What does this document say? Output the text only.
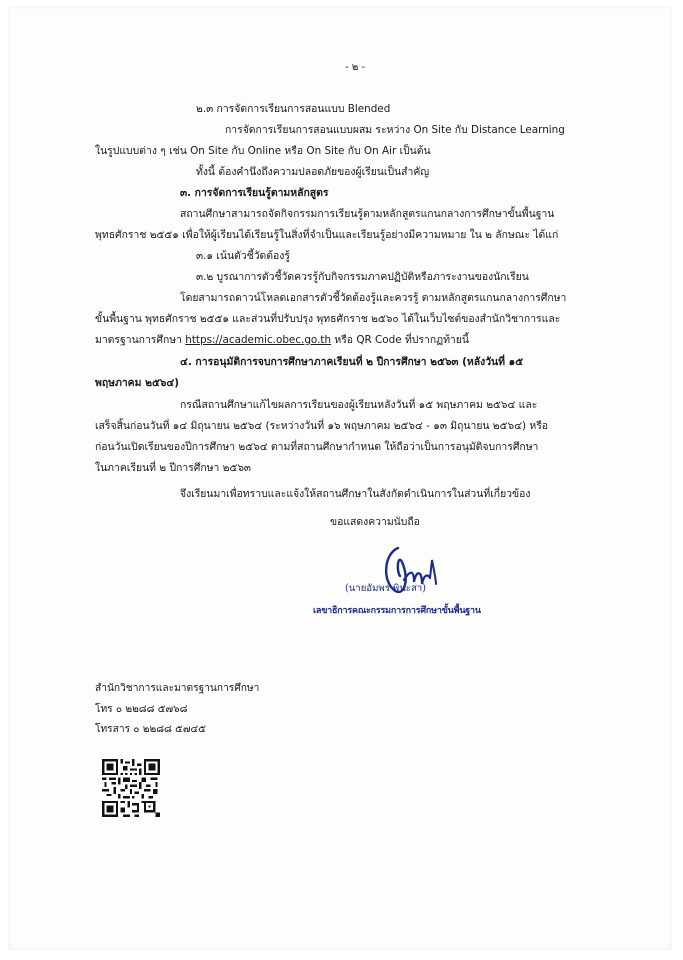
- ๒ -
๒.๓ การจัดการเรียนการสอนแบบ Blended
การจัดการเรียนการสอนแบบผสม ระหว่าง On Site กับ Distance Learning
ในรูปแบบต่าง ๆ เช่น On Site กับ Online หรือ On Site กับ On Air เป็นต้น
ทั้งนี้ ต้องคำนึงถึงความปลอดภัยของผู้เรียนเป็นสำคัญ
๓. การจัดการเรียนรู้ตามหลักสูตร
สถานศึกษาสามารถจัดกิจกรรมการเรียนรู้ตามหลักสูตรแกนกลางการศึกษาขั้นพื้นฐาน
พุทธศักราช ๒๕๕๑ เพื่อให้ผู้เรียนได้เรียนรู้ในสิ่งที่จำเป็นและเรียนรู้อย่างมีความหมาย ใน ๒ ลักษณะ ได้แก่
๓.๑ เน้นตัวชี้วัดต้องรู้
๓.๒ บูรณาการตัวชี้วัดควรรู้กับกิจกรรมภาคปฏิบัติหรือภาระงานของนักเรียน
โดยสามารถดาวน์โหลดเอกสารตัวชี้วัดต้องรู้และควรรู้ ตามหลักสูตรแกนกลางการศึกษา
ขั้นพื้นฐาน พุทธศักราช ๒๕๕๑ และส่วนที่ปรับปรุง พุทธศักราช ๒๕๖๐ ได้ในเว็บไซต์ของสำนักวิชาการและ
มาตรฐานการศึกษา https://academic.obec.go.th หรือ QR Code ที่ปรากฏท้ายนี้
๔. การอนุมัติการจบการศึกษาภาคเรียนที่ ๒ ปีการศึกษา ๒๕๖๓ (หลังวันที่ ๑๕
พฤษภาคม ๒๕๖๔)
กรณีสถานศึกษาแก้ไขผลการเรียนของผู้เรียนหลังวันที่ ๑๕ พฤษภาคม ๒๕๖๔ และ
เสร็จสิ้นก่อนวันที่ ๑๔ มิถุนายน ๒๕๖๔ (ระหว่างวันที่ ๑๖ พฤษภาคม ๒๕๖๔ - ๑๓ มิถุนายน ๒๕๖๔) หรือ
ก่อนวันเปิดเรียนของปีการศึกษา ๒๕๖๔ ตามที่สถานศึกษากำหนด ให้ถือว่าเป็นการอนุมัติจบการศึกษา
ในภาคเรียนที่ ๒ ปีการศึกษา ๒๕๖๓
จึงเรียนมาเพื่อทราบและแจ้งให้สถานศึกษาในสังกัดดำเนินการในส่วนที่เกี่ยวข้อง
ขอแสดงความนับถือ
(นายอัมพร พินะสา)
เลขาธิการคณะกรรมการการศึกษาขั้นพื้นฐาน
สำนักวิชาการและมาตรฐานการศึกษา
โทร ๐ ๒๒๘๘ ๕๗๖๘
โทรสาร ๐ ๒๒๘๘ ๕๗๔๕
